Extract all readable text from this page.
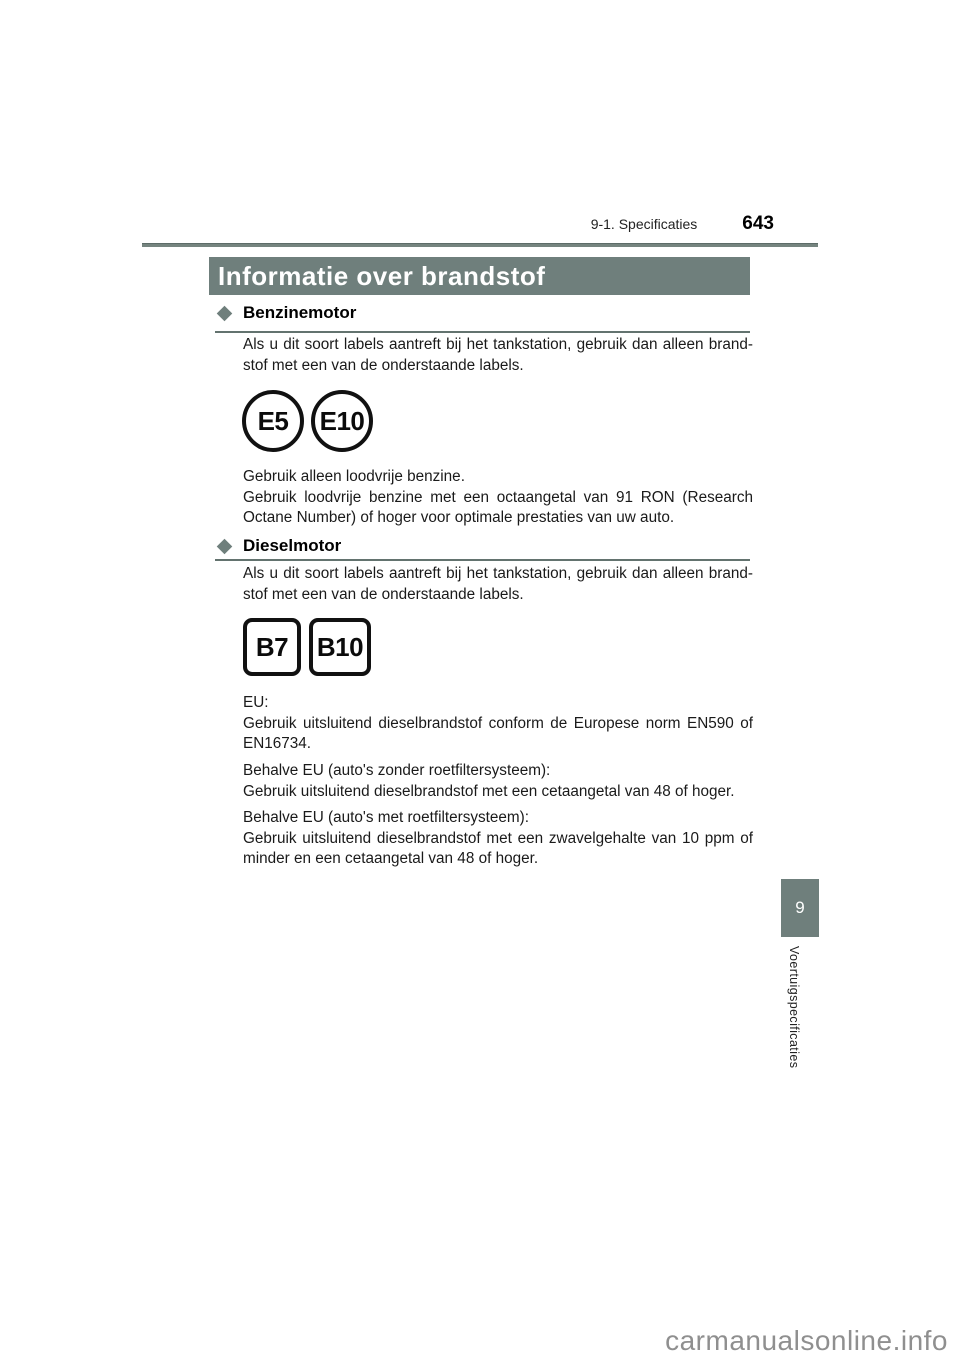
9-1. Specificaties 643
Informatie over brandstof
Benzinemotor
Als u dit soort labels aantreft bij het tankstation, gebruik dan alleen brand-
stof met een van de onderstaande labels.
E5	E10
Gebruik alleen loodvrije benzine.
Gebruik loodvrije benzine met een octaangetal van 91 RON (Research
Octane Number) of hoger voor optimale prestaties van uw auto.
Dieselmotor
Als u dit soort labels aantreft bij het tankstation, gebruik dan alleen brand-
stof met een van de onderstaande labels.
B7	B10
EU:
Gebruik uitsluitend dieselbrandstof conform de Europese norm EN590 of
EN16734.
Behalve EU (auto's zonder roetfiltersysteem):
Gebruik uitsluitend dieselbrandstof met een cetaangetal van 48 of hoger.
Behalve EU (auto's met roetfiltersysteem):
Gebruik uitsluitend dieselbrandstof met een zwavelgehalte van 10 ppm of
minder en een cetaangetal van 48 of hoger.
9
Voertuigspecificaties
carmanualsonline.info
